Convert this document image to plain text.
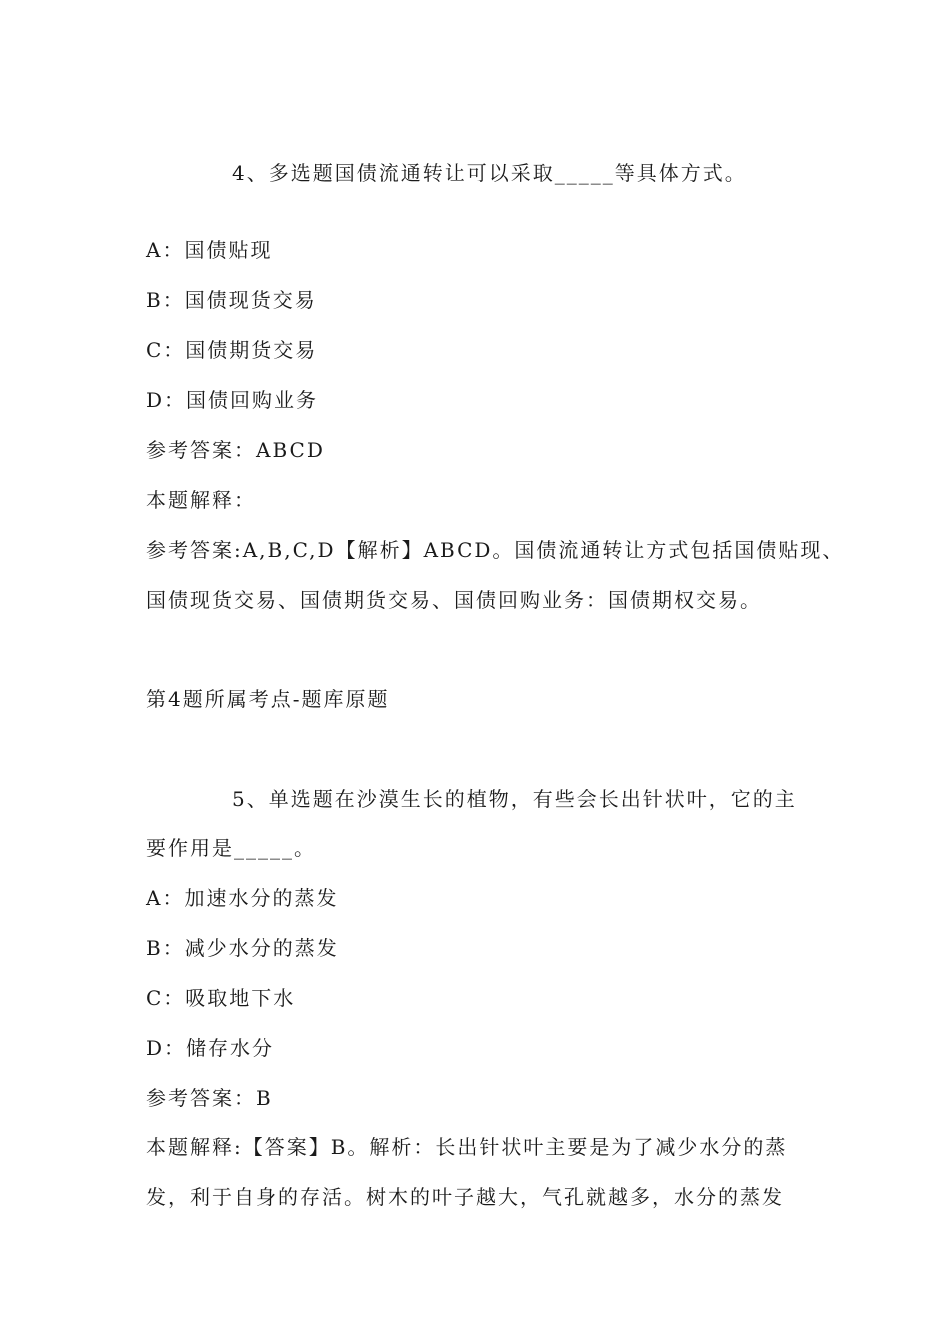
4、多选题国债流通转让可以采取_____等具体方式。
A：国债贴现
B：国债现货交易
C：国债期货交易
D：国债回购业务
参考答案：ABCD
本题解释：
参考答案:A,B,C,D【解析】ABCD。国债流通转让方式包括国债贴现、
国债现货交易、国债期货交易、国债回购业务：国债期权交易。
第4题所属考点-题库原题
5、单选题在沙漠生长的植物，有些会长出针状叶，它的主
要作用是_____。
A：加速水分的蒸发
B：减少水分的蒸发
C：吸取地下水
D：储存水分
参考答案：B
本题解释:【答案】B。解析：长出针状叶主要是为了减少水分的蒸
发，利于自身的存活。树木的叶子越大，气孔就越多，水分的蒸发
